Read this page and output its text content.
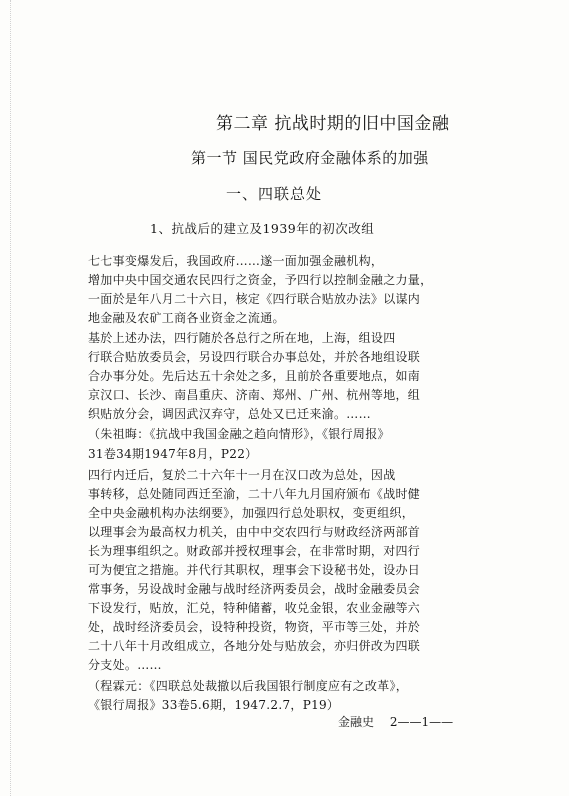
第二章 抗战时期的旧中国金融
第一节 国民党政府金融体系的加强
一、四联总处
1、抗战后的建立及1939年的初次改组
七七事变爆发后，我国政府……遂一面加强金融机构，
增加中央中国交通农民四行之资金，予四行以控制金融之力量，
一面於是年八月二十六日，核定《四行联合贴放办法》以谋内
地金融及农矿工商各业资金之流通。
基於上述办法，四行随於各总行之所在地，上海，组设四
行联合贴放委员会，另设四行联合办事总处，并於各地组设联
合办事分处。先后达五十余处之多，且前於各重要地点，如南
京汉口、长沙、南昌重庆、济南、郑州、广州、杭州等地，组
织贴放分会，调因武汉弃守，总处又已迁来渝。……
（朱祖晦：《抗战中我国金融之趋向情形》，《银行周报》
31卷34期1947年8月，P22）
四行内迁后，复於二十六年十一月在汉口改为总处，因战
事转移，总处随同西迁至渝，二十八年九月国府颁布《战时健
全中央金融机构办法纲要》，加强四行总处职权，变更组织，
以理事会为最高权力机关，由中中交农四行与财政经济两部首
长为理事组织之。财政部并授权理事会，在非常时期，对四行
可为便宜之措施。并代行其职权，理事会下设秘书处，设办日
常事务，另设战时金融与战时经济两委员会，战时金融委员会
下设发行，贴放，汇兑，特种储蓄，收兑金银，农业金融等六
处，战时经济委员会，设特种投资，物资，平市等三处，并於
二十八年十月改组成立，各地分处与贴放会，亦归併改为四联
分支处。……
（程霖元：《四联总处裁撤以后我国银行制度应有之改革》，
《银行周报》33卷5.6期，1947.2.7，P19）
金融史 2——1——
